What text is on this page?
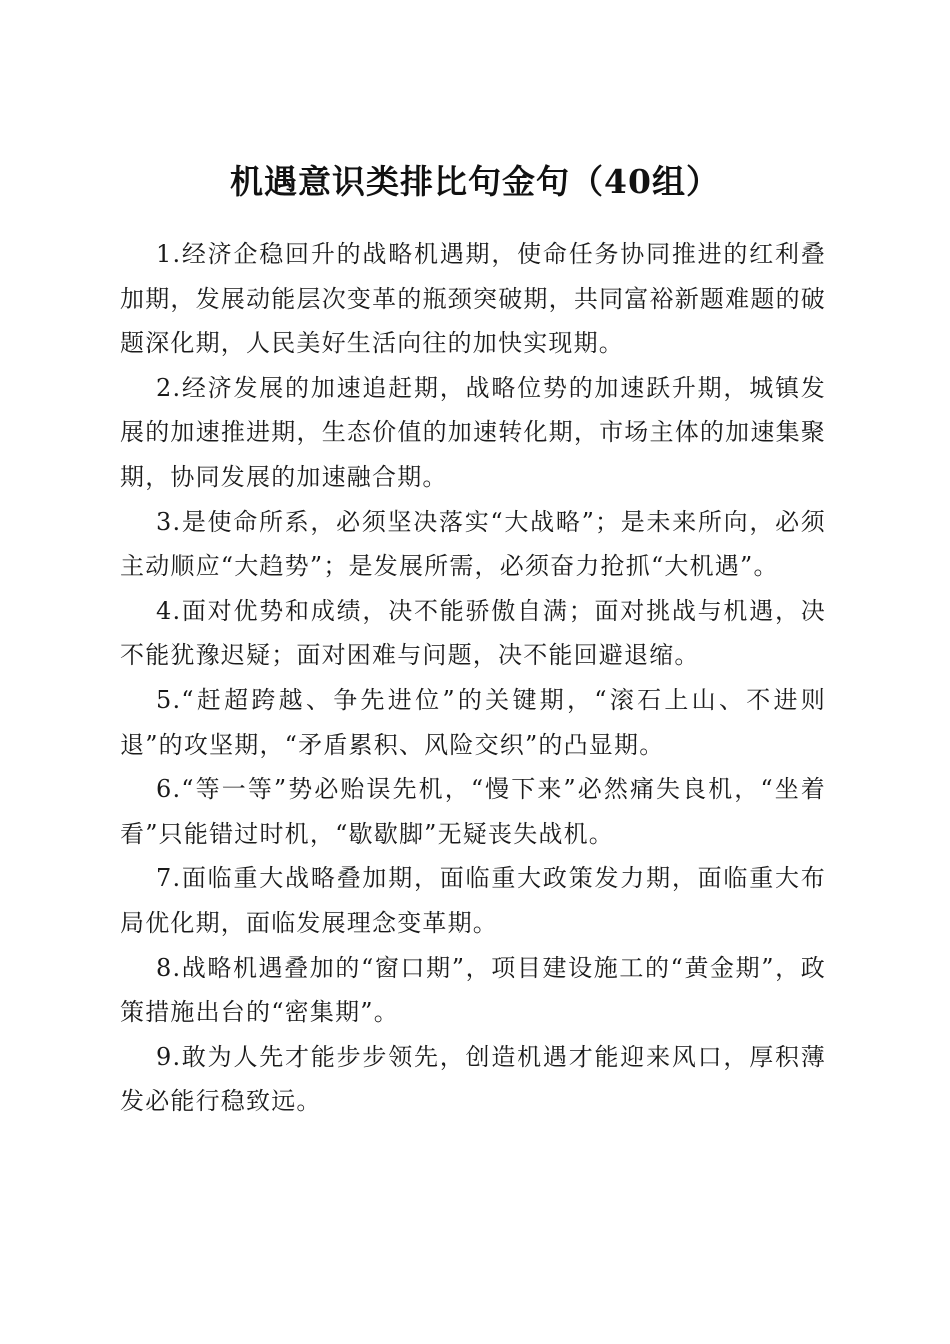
机遇意识类排比句金句（40组）

1.经济企稳回升的战略机遇期，使命任务协同推进的红利叠加期，发展动能层次变革的瓶颈突破期，共同富裕新题难题的破题深化期，人民美好生活向往的加快实现期。

2.经济发展的加速追赶期，战略位势的加速跃升期，城镇发展的加速推进期，生态价值的加速转化期，市场主体的加速集聚期，协同发展的加速融合期。

3.是使命所系，必须坚决落实“大战略”；是未来所向，必须主动顺应“大趋势”；是发展所需，必须奋力抢抓“大机遇”。

4.面对优势和成绩，决不能骄傲自满；面对挑战与机遇，决不能犹豫迟疑；面对困难与问题，决不能回避退缩。

5.“赶超跨越、争先进位”的关键期，“滚石上山、不进则退”的攻坚期，“矛盾累积、风险交织”的凸显期。

6.“等一等”势必贻误先机，“慢下来”必然痛失良机，“坐着看”只能错过时机，“歇歇脚”无疑丧失战机。

7.面临重大战略叠加期，面临重大政策发力期，面临重大布局优化期，面临发展理念变革期。

8.战略机遇叠加的“窗口期”，项目建设施工的“黄金期”，政策措施出台的“密集期”。

9.敢为人先才能步步领先，创造机遇才能迎来风口，厚积薄发必能行稳致远。
